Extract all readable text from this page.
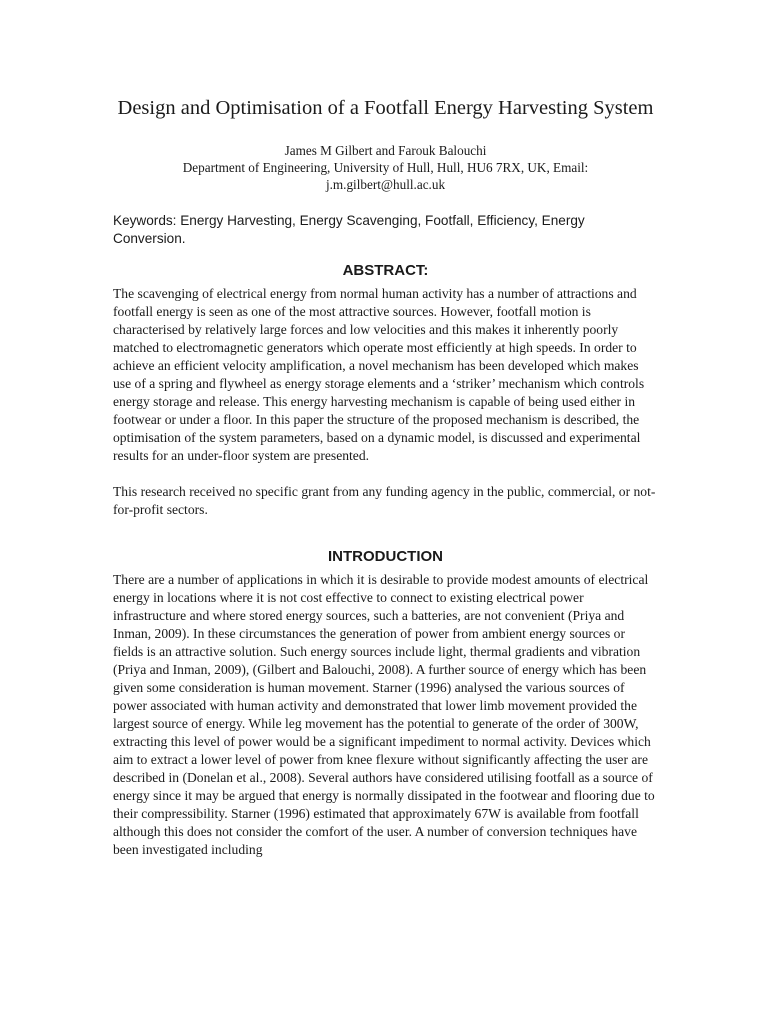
Design and Optimisation of a Footfall Energy Harvesting System
James M Gilbert and Farouk Balouchi
Department of Engineering, University of Hull, Hull, HU6 7RX, UK, Email:
j.m.gilbert@hull.ac.uk
Keywords: Energy Harvesting, Energy Scavenging, Footfall, Efficiency, Energy Conversion.
ABSTRACT:

The scavenging of electrical energy from normal human activity has a number of attractions and footfall energy is seen as one of the most attractive sources. However, footfall motion is characterised by relatively large forces and low velocities and this makes it inherently poorly matched to electromagnetic generators which operate most efficiently at high speeds. In order to achieve an efficient velocity amplification, a novel mechanism has been developed which makes use of a spring and flywheel as energy storage elements and a ‘striker’ mechanism which controls energy storage and release. This energy harvesting mechanism is capable of being used either in footwear or under a floor. In this paper the structure of the proposed mechanism is described, the optimisation of the system parameters, based on a dynamic model, is discussed and experimental results for an under-floor system are presented.

This research received no specific grant from any funding agency in the public, commercial, or not-for-profit sectors.

INTRODUCTION

There are a number of applications in which it is desirable to provide modest amounts of electrical energy in locations where it is not cost effective to connect to existing electrical power infrastructure and where stored energy sources, such a batteries, are not convenient (Priya and Inman, 2009). In these circumstances the generation of power from ambient energy sources or fields is an attractive solution. Such energy sources include light, thermal gradients and vibration (Priya and Inman, 2009), (Gilbert and Balouchi, 2008). A further source of energy which has been given some consideration is human movement. Starner (1996) analysed the various sources of power associated with human activity and demonstrated that lower limb movement provided the largest source of energy. While leg movement has the potential to generate of the order of 300W, extracting this level of power would be a significant impediment to normal activity. Devices which aim to extract a lower level of power from knee flexure without significantly affecting the user are described in (Donelan et al., 2008). Several authors have considered utilising footfall as a source of energy since it may be argued that energy is normally dissipated in the footwear and flooring due to their compressibility. Starner (1996) estimated that approximately 67W is available from footfall although this does not consider the comfort of the user. A number of conversion techniques have been investigated including
